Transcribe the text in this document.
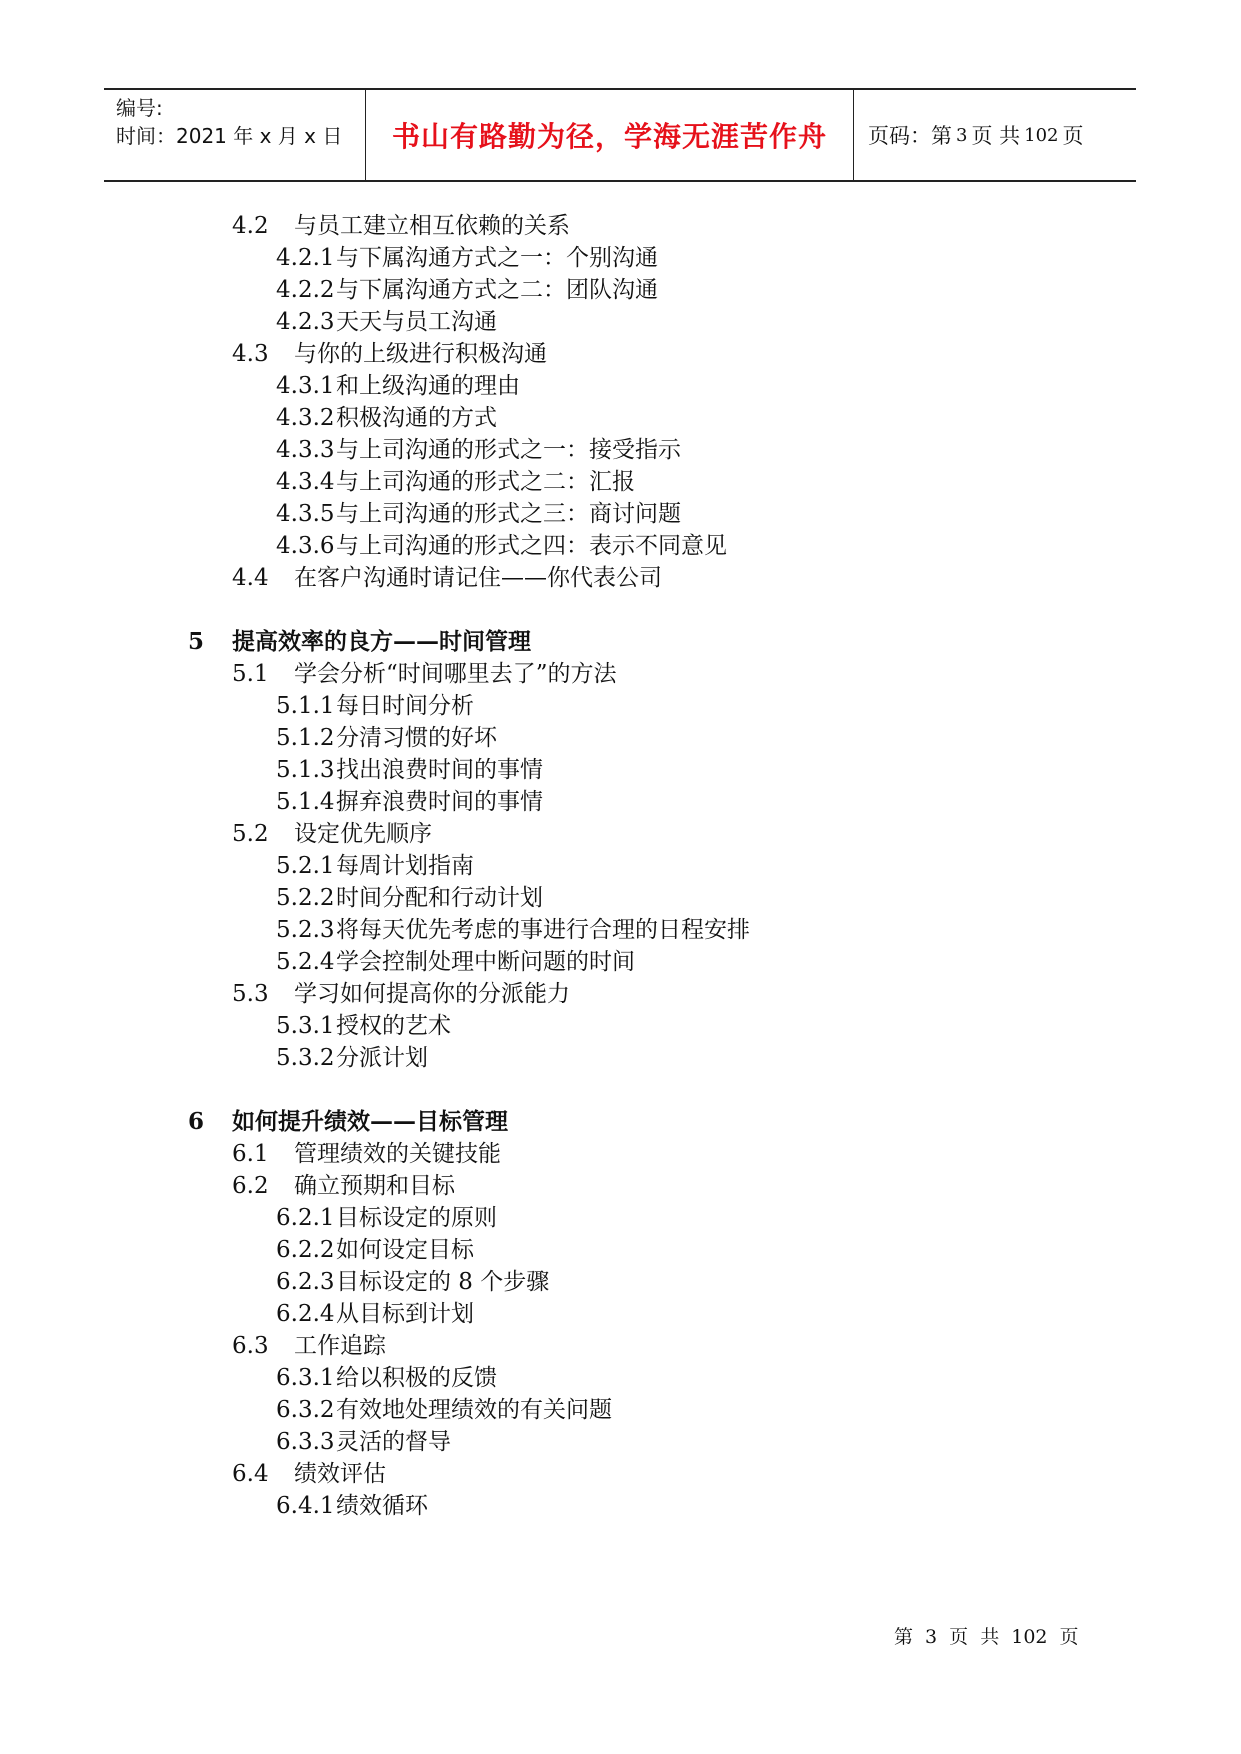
编号:
时间：2021 年 x 月 x 日	书山有路勤为径，学海无涯苦作舟 页码：第 3 页 共 102 页
4.2 与员工建立相互依赖的关系
4.2.1与下属沟通方式之一：个别沟通
4.2.2与下属沟通方式之二：团队沟通
4.2.3天天与员工沟通
4.3 与你的上级进行积极沟通
4.3.1和上级沟通的理由
4.3.2积极沟通的方式
4.3.3与上司沟通的形式之一：接受指示
4.3.4与上司沟通的形式之二：汇报
4.3.5与上司沟通的形式之三：商讨问题
4.3.6与上司沟通的形式之四：表示不同意见
4.4 在客户沟通时请记住——你代表公司
5 提高效率的良方——时间管理
5.1 学会分析“时间哪里去了”的方法
5.1.1每日时间分析
5.1.2分清习惯的好坏
5.1.3找出浪费时间的事情
5.1.4摒弃浪费时间的事情
5.2 设定优先顺序
5.2.1每周计划指南
5.2.2时间分配和行动计划
5.2.3将每天优先考虑的事进行合理的日程安排
5.2.4学会控制处理中断问题的时间
5.3 学习如何提高你的分派能力
5.3.1授权的艺术
5.3.2分派计划
6 如何提升绩效——目标管理
6.1 管理绩效的关键技能
6.2 确立预期和目标
6.2.1目标设定的原则
6.2.2如何设定目标
6.2.3目标设定的 8 个步骤
6.2.4从目标到计划
6.3 工作追踪
6.3.1给以积极的反馈
6.3.2有效地处理绩效的有关问题
6.3.3灵活的督导
6.4 绩效评估
6.4.1绩效循环
第 3 页 共 102 页
